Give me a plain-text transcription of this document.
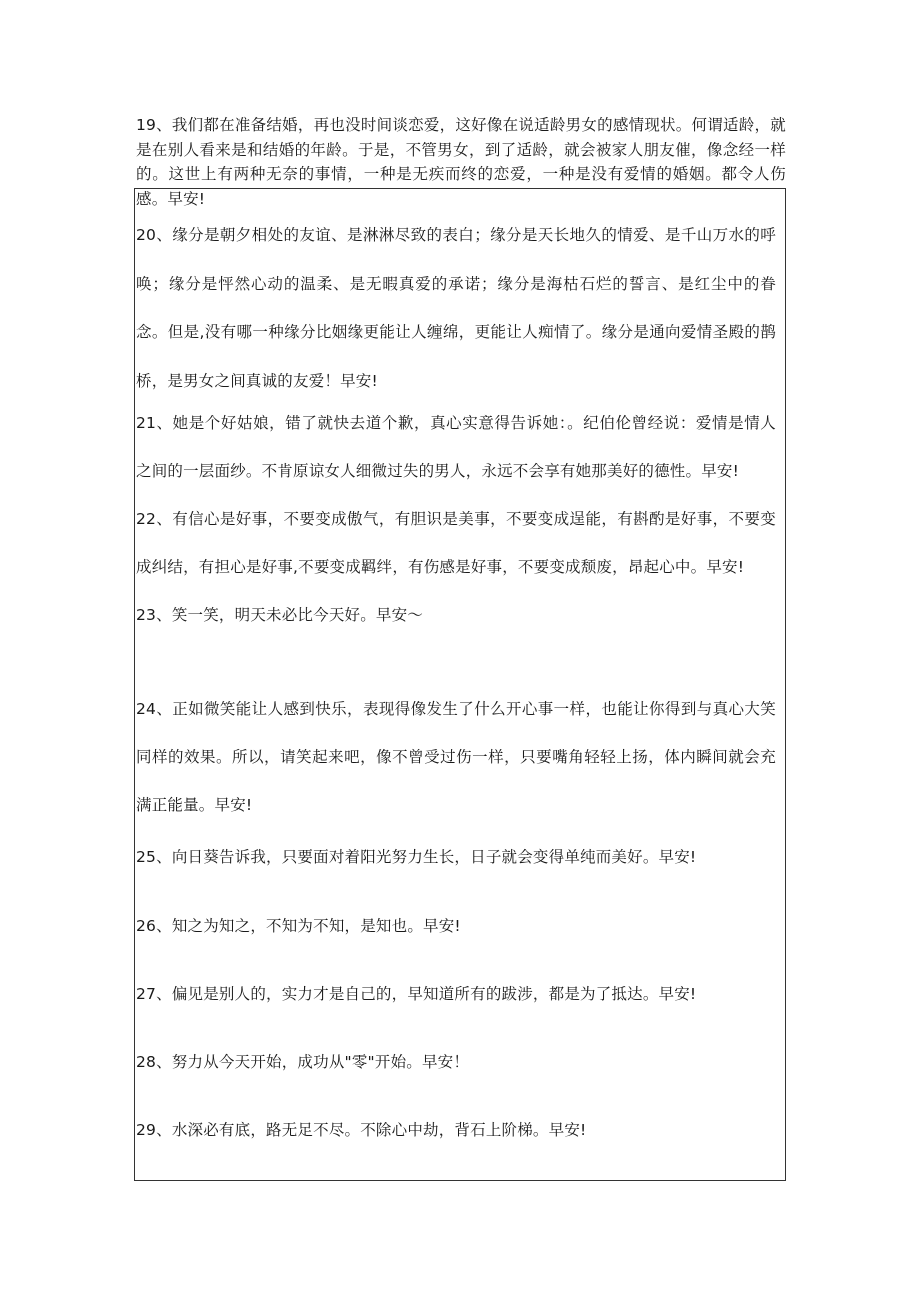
19、我们都在准备结婚，再也没时间谈恋爱，这好像在说适龄男女的感情现状。何谓适龄，就是在别人看来是和结婚的年龄。于是，不管男女，到了适龄，就会被家人朋友催，像念经一样的。这世上有两种无奈的事情，一种是无疾而终的恋爱，一种是没有爱情的婚姻。都令人伤感。早安!

20、缘分是朝夕相处的友谊、是淋淋尽致的表白；缘分是天长地久的情爱、是千山万水的呼唤；缘分是怦然心动的温柔、是无暇真爱的承诺；缘分是海枯石烂的誓言、是红尘中的眷念。但是,没有哪一种缘分比姻缘更能让人缠绵，更能让人痴情了。缘分是通向爱情圣殿的鹊桥，是男女之间真诚的友爱！早安!

21、她是个好姑娘，错了就快去道个歉，真心实意得告诉她：。纪伯伦曾经说：爱情是情人之间的一层面纱。不肯原谅女人细微过失的男人，永远不会享有她那美好的德性。早安!

22、有信心是好事，不要变成傲气，有胆识是美事，不要变成逞能，有斟酌是好事，不要变成纠结，有担心是好事,不要变成羁绊，有伤感是好事，不要变成颓废，昂起心中。早安!

23、笑一笑，明天未必比今天好。早安〜

24、正如微笑能让人感到快乐，表现得像发生了什么开心事一样，也能让你得到与真心大笑同样的效果。所以，请笑起来吧，像不曾受过伤一样，只要嘴角轻轻上扬，体内瞬间就会充满正能量。早安!

25、向日葵告诉我，只要面对着阳光努力生长，日子就会变得单纯而美好。早安!

26、知之为知之，不知为不知，是知也。早安!

27、偏见是别人的，实力才是自己的，早知道所有的跋涉，都是为了抵达。早安!

28、努力从今天开始，成功从"零"开始。早安！

29、水深必有底，路无足不尽。不除心中劫，背石上阶梯。早安!
